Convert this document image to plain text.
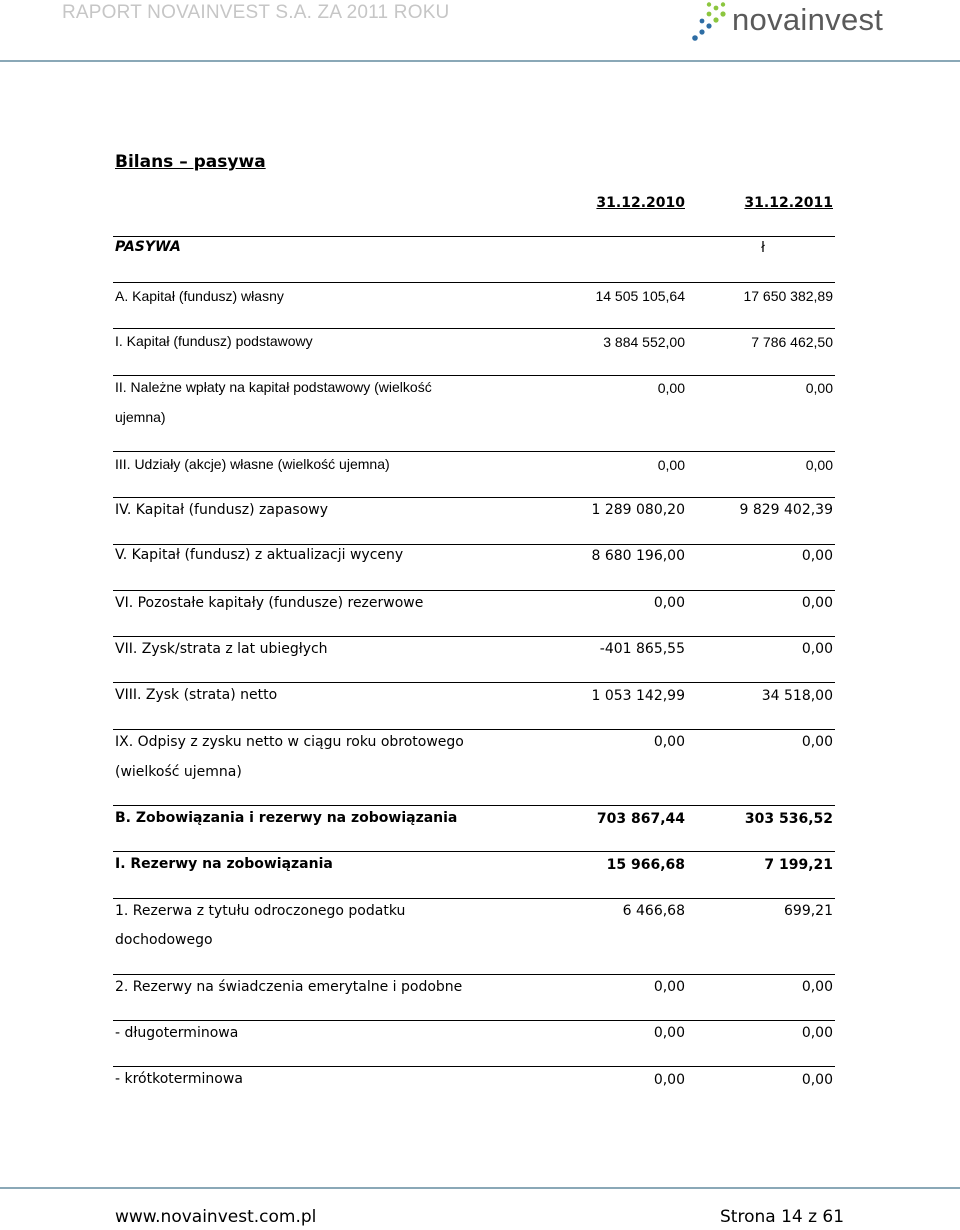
RAPORT NOVAINVEST S.A. ZA 2011 ROKU	novainvest
Bilans – pasywa
31.12.2010	31.12.2011
PASYWA	ł
A. Kapitał (fundusz) własny	14 505 105,64	17 650 382,89
I. Kapitał (fundusz) podstawowy	3 884 552,00	7 786 462,50
II. Należne wpłaty na kapitał podstawowy (wielkość
ujemna)
0,00	0,00
III. Udziały (akcje) własne (wielkość ujemna)	0,00	0,00
IV. Kapitał (fundusz) zapasowy	1 289 080,20	9 829 402,39
V. Kapitał (fundusz) z aktualizacji wyceny	8 680 196,00	0,00
VI. Pozostałe kapitały (fundusze) rezerwowe	0,00	0,00
VII. Zysk/strata z lat ubiegłych	-401 865,55	0,00
VIII. Zysk (strata) netto	1 053 142,99	34 518,00
IX. Odpisy z zysku netto w ciągu roku obrotowego
(wielkość ujemna)
0,00	0,00
B. Zobowiązania i rezerwy na zobowiązania	703 867,44	303 536,52
I. Rezerwy na zobowiązania	15 966,68	7 199,21
1. Rezerwa z tytułu odroczonego podatku
dochodowego
6 466,68	699,21
2. Rezerwy na świadczenia emerytalne i podobne	0,00	0,00
- długoterminowa	0,00	0,00
- krótkoterminowa	0,00	0,00
www.novainvest.com.pl	Strona 14 z 61
